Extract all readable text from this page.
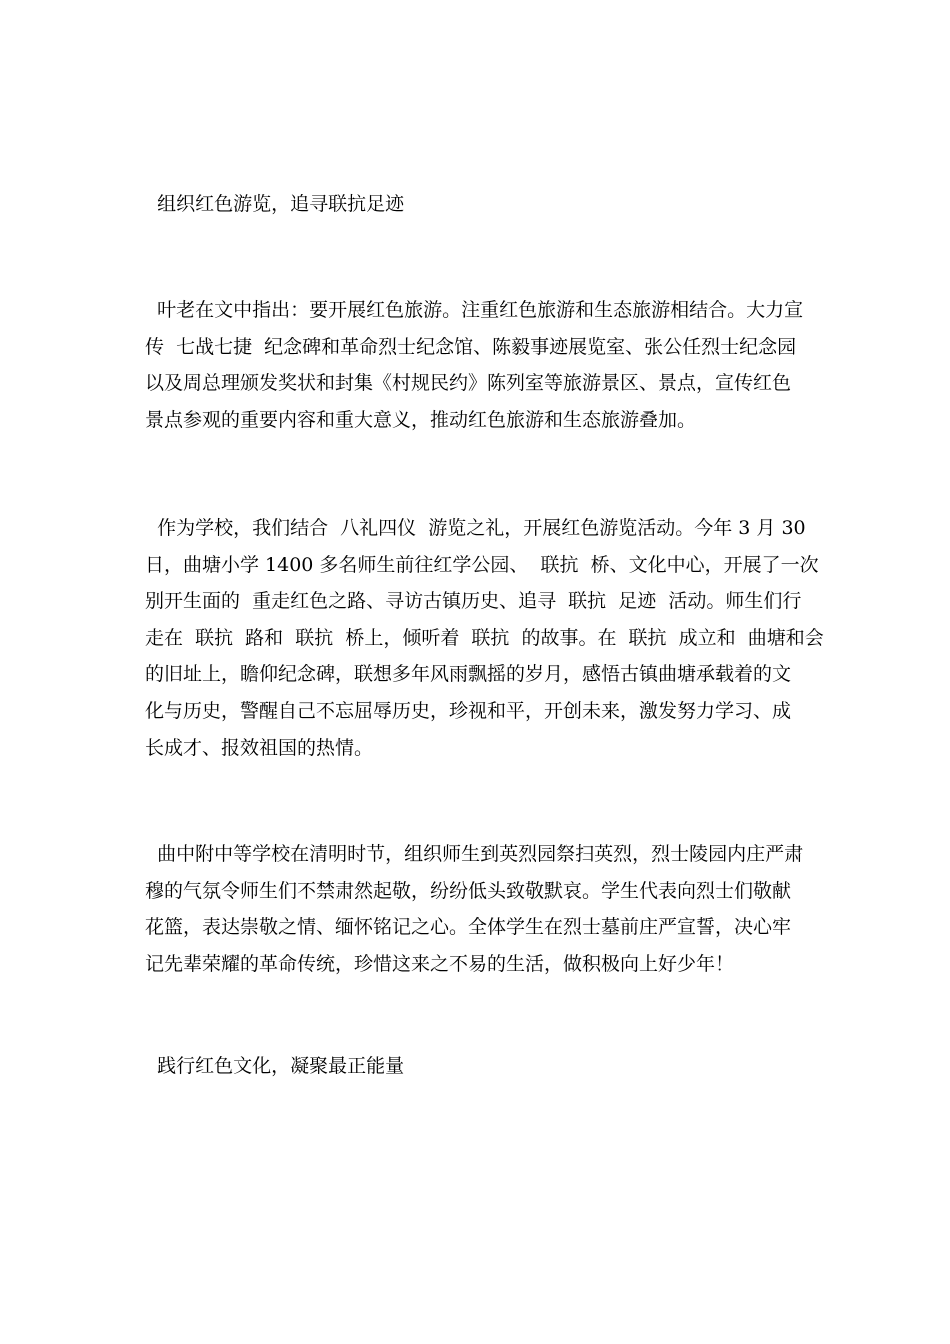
组织红色游览，追寻联抗足迹
叶老在文中指出：要开展红色旅游。注重红色旅游和生态旅游相结合。大力宣
传  七战七捷  纪念碑和革命烈士纪念馆、陈毅事迹展览室、张公任烈士纪念园
以及周总理颁发奖状和封集《村规民约》陈列室等旅游景区、景点，宣传红色
景点参观的重要内容和重大意义，推动红色旅游和生态旅游叠加。
作为学校，我们结合  八礼四仪  游览之礼，开展红色游览活动。今年 3 月 30
日，曲塘小学 1400 多名师生前往红学公园、  联抗  桥、文化中心，开展了一次
别开生面的  重走红色之路、寻访古镇历史、追寻  联抗  足迹  活动。师生们行
走在  联抗  路和  联抗  桥上，倾听着  联抗  的故事。在  联抗  成立和  曲塘和会
的旧址上，瞻仰纪念碑，联想多年风雨飘摇的岁月，感悟古镇曲塘承载着的文
化与历史，警醒自己不忘屈辱历史，珍视和平，开创未来，激发努力学习、成
长成才、报效祖国的热情。
曲中附中等学校在清明时节，组织师生到英烈园祭扫英烈，烈士陵园内庄严肃
穆的气氛令师生们不禁肃然起敬，纷纷低头致敬默哀。学生代表向烈士们敬献
花篮，表达崇敬之情、缅怀铭记之心。全体学生在烈士墓前庄严宣誓，决心牢
记先辈荣耀的革命传统，珍惜这来之不易的生活，做积极向上好少年！
践行红色文化，凝聚最正能量
